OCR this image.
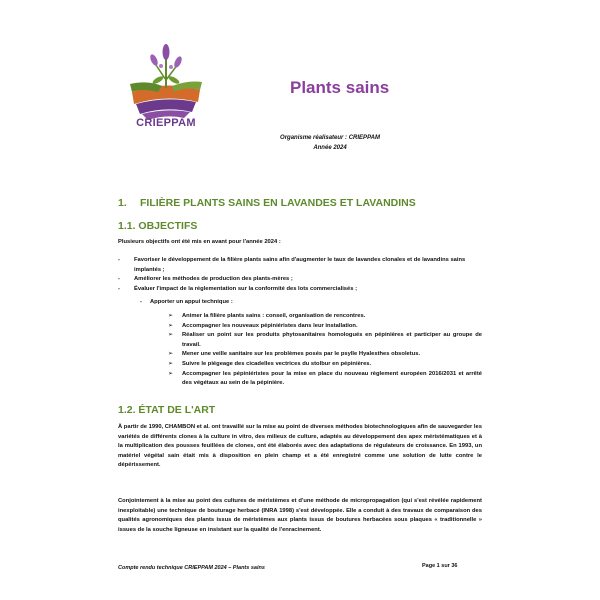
CRIEPPAM
Plants sains
Organisme réalisateur : CRIEPPAM
Année 2024
1. FILIÈRE PLANTS SAINS EN LAVANDES ET LAVANDINS
1.1. OBJECTIFS
Plusieurs objectifs ont été mis en avant pour l'année 2024 :
- Favoriser le développement de la filière plants sains afin d'augmenter le taux de lavandes clonales et de lavandins sains implantés ;
- Améliorer les méthodes de production des plants-mères ;
- Évaluer l'impact de la réglementation sur la conformité des lots commercialisés ;
- Apporter un appui technique :
➢ Animer la filière plants sains : conseil, organisation de rencontres.
➢ Accompagner les nouveaux pépiniéristes dans leur installation.
➢ Réaliser un point sur les produits phytosanitaires homologués en pépinières et participer au groupe de travail.
➢ Mener une veille sanitaire sur les problèmes posés par le psylle Hyalesthes obsoletus.
➢ Suivre le piégeage des cicadelles vectrices du stolbur en pépinières.
➢ Accompagner les pépiniéristes pour la mise en place du nouveau règlement européen 2016/2031 et arrêté des végétaux au sein de la pépinière.
1.2. ÉTAT DE L'ART
À partir de 1990, CHAMBON et al. ont travaillé sur la mise au point de diverses méthodes biotechnologiques afin de sauvegarder les variétés de différents clones à la culture in vitro, des milieux de culture, adaptés au développement des apex méristématiques et à la multiplication des pousses feuillées de clones, ont été élaborés avec des adaptations de régulateurs de croissance. En 1993, un matériel végétal sain était mis à disposition en plein champ et a été enregistré comme une solution de lutte contre le dépérissement.
Conjointement à la mise au point des cultures de méristèmes et d'une méthode de micropropagation (qui s'est révélée rapidement inexploitable) une technique de bouturage herbacé (INRA 1998) s'est développée. Elle a conduit à des travaux de comparaison des qualités agronomiques des plants issus de méristèmes aux plants issus de boutures herbacées sous plaques « traditionnelle » issues de la souche ligneuse en insistant sur la qualité de l'enracinement.
Compte rendu technique CRIEPPAM 2024 – Plants sains	Page 1 sur 36
